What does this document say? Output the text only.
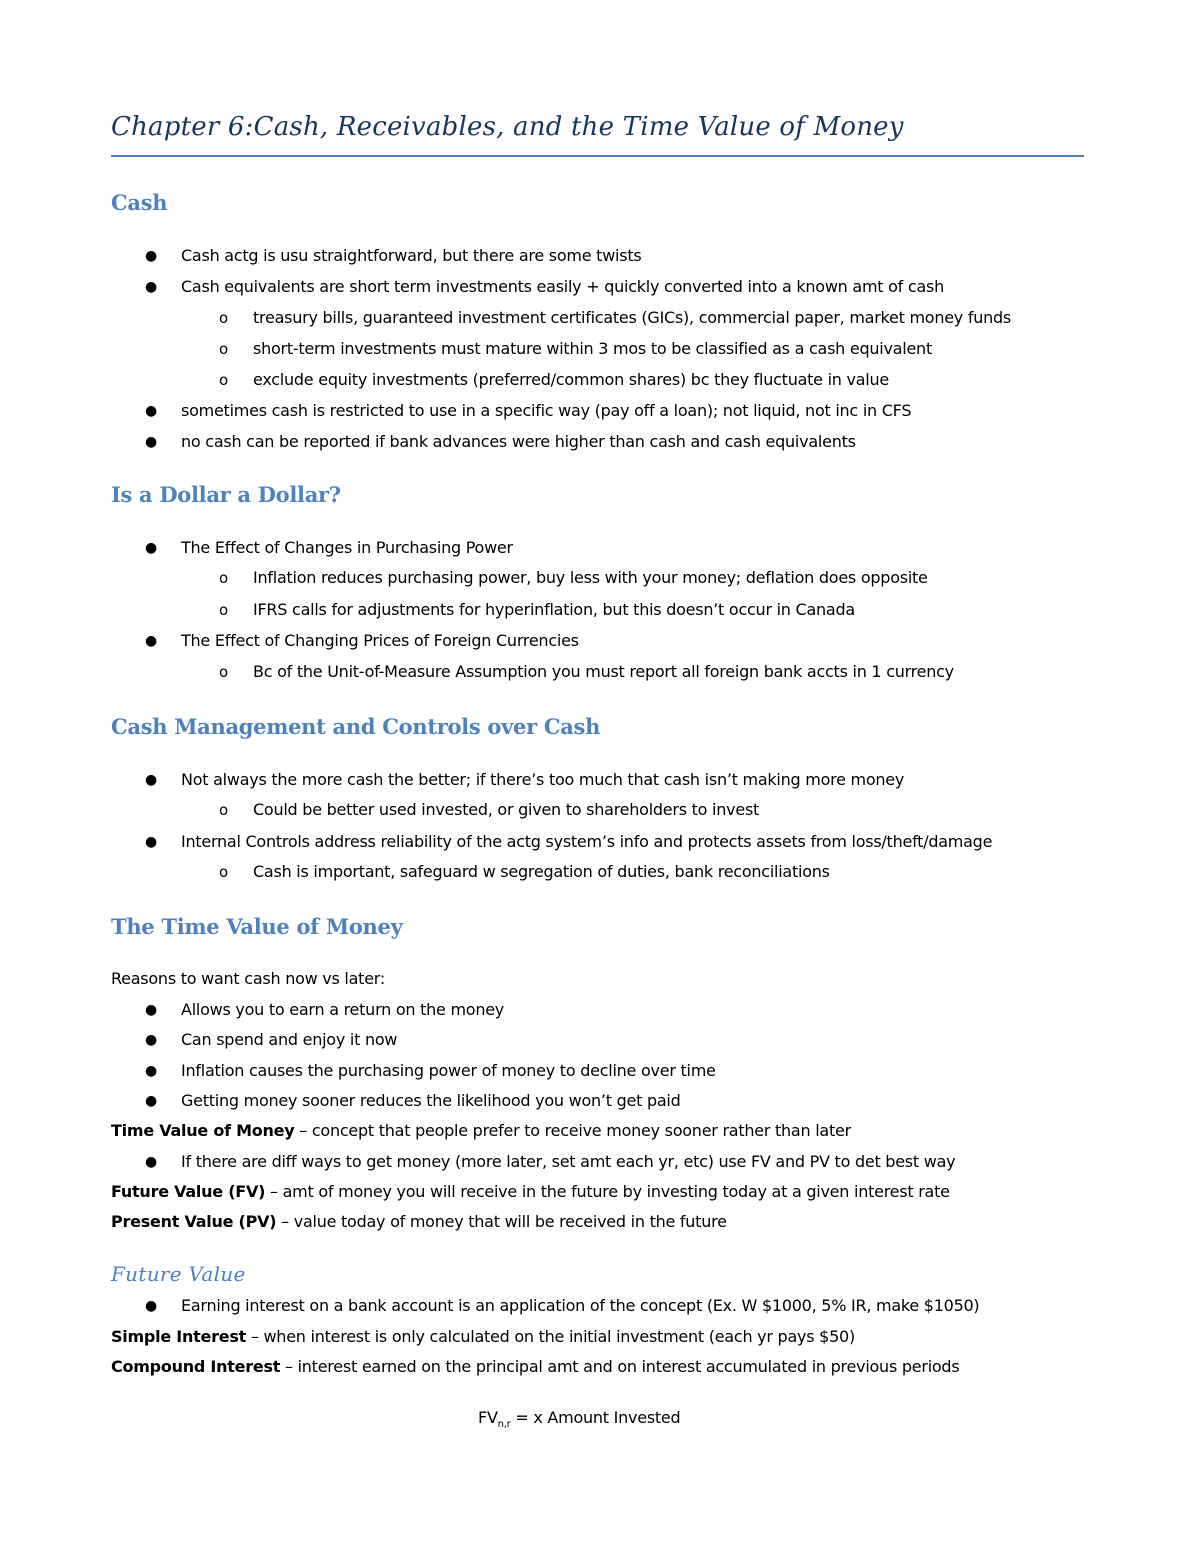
Chapter 6:Cash, Receivables, and the Time Value of Money
Cash
● Cash actg is usu straightforward, but there are some twists
● Cash equivalents are short term investments easily + quickly converted into a known amt of cash
o treasury bills, guaranteed investment certificates (GICs), commercial paper, market money funds
o short-term investments must mature within 3 mos to be classified as a cash equivalent
o exclude equity investments (preferred/common shares) bc they fluctuate in value
● sometimes cash is restricted to use in a specific way (pay off a loan); not liquid, not inc in CFS
● no cash can be reported if bank advances were higher than cash and cash equivalents
Is a Dollar a Dollar?
● The Effect of Changes in Purchasing Power
o Inflation reduces purchasing power, buy less with your money; deflation does opposite
o IFRS calls for adjustments for hyperinflation, but this doesn’t occur in Canada
● The Effect of Changing Prices of Foreign Currencies
o Bc of the Unit-of-Measure Assumption you must report all foreign bank accts in 1 currency
Cash Management and Controls over Cash
● Not always the more cash the better; if there’s too much that cash isn’t making more money
o Could be better used invested, or given to shareholders to invest
● Internal Controls address reliability of the actg system’s info and protects assets from loss/theft/damage
o Cash is important, safeguard w segregation of duties, bank reconciliations
The Time Value of Money
Reasons to want cash now vs later:
● Allows you to earn a return on the money
● Can spend and enjoy it now
● Inflation causes the purchasing power of money to decline over time
● Getting money sooner reduces the likelihood you won’t get paid
Time Value of Money – concept that people prefer to receive money sooner rather than later
● If there are diff ways to get money (more later, set amt each yr, etc) use FV and PV to det best way
Future Value (FV) – amt of money you will receive in the future by investing today at a given interest rate
Present Value (PV) – value today of money that will be received in the future
Future Value
● Earning interest on a bank account is an application of the concept (Ex. W $1000, 5% IR, make $1050)
Simple Interest – when interest is only calculated on the initial investment (each yr pays $50)
Compound Interest – interest earned on the principal amt and on interest accumulated in previous periods
$FV_{n,r} = x$ Amount Invested
